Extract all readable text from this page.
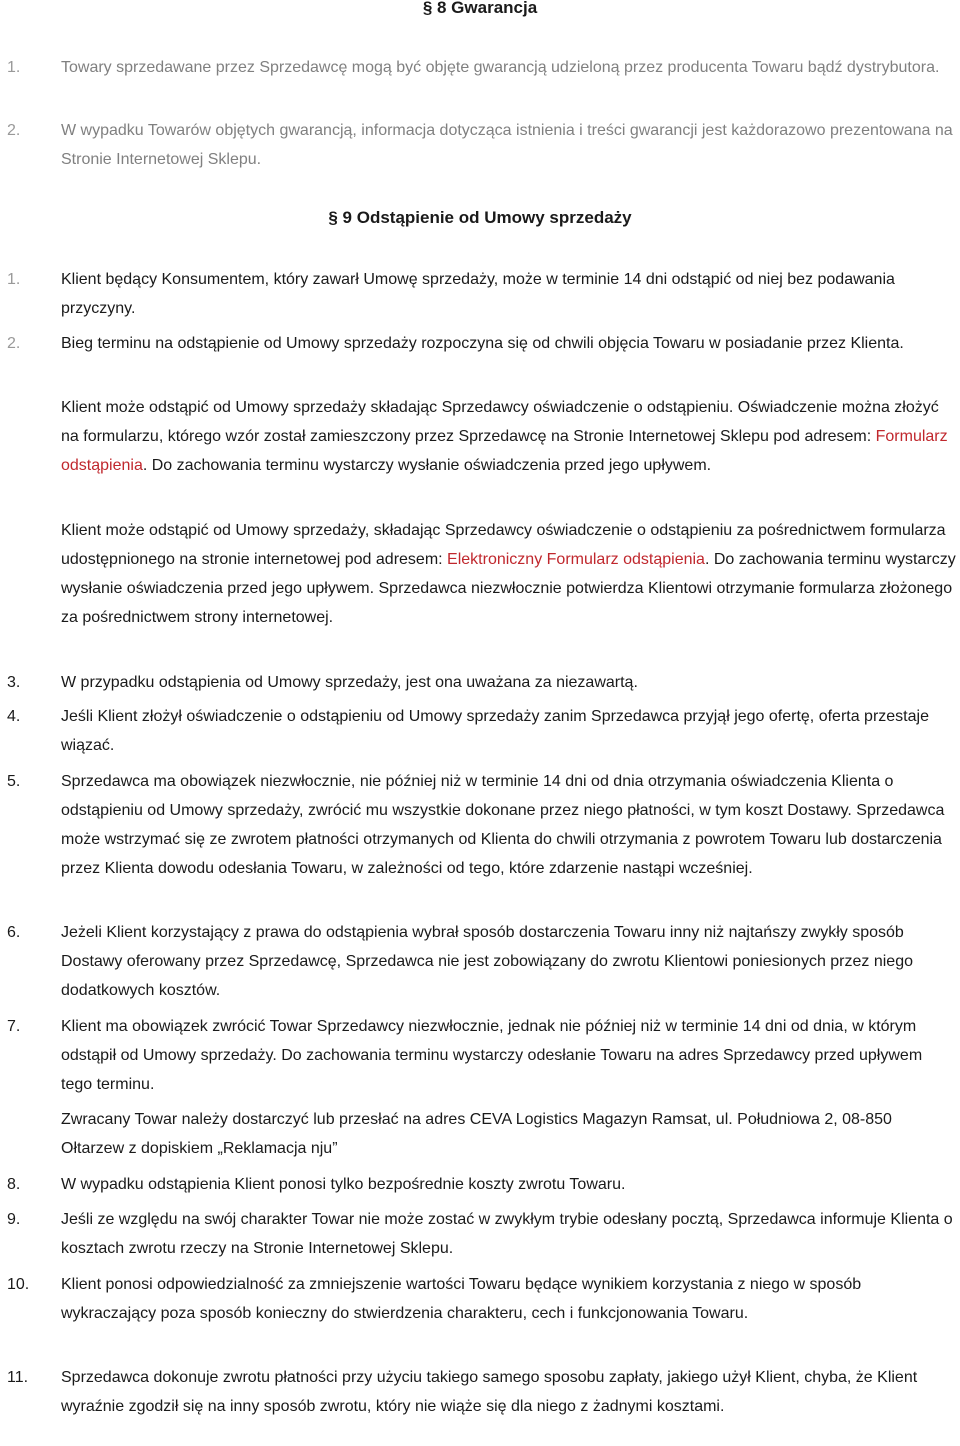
§ 8 Gwarancja
1.	Towary sprzedawane przez Sprzedawcę mogą być objęte gwarancją udzieloną przez producenta Towaru bądź dystrybutora.
2.	W wypadku Towarów objętych gwarancją, informacja dotycząca istnienia i treści gwarancji jest każdorazowo prezentowana na Stronie Internetowej Sklepu.
§ 9 Odstąpienie od Umowy sprzedaży
1.	Klient będący Konsumentem, który zawarł Umowę sprzedaży, może w terminie 14 dni odstąpić od niej bez podawania przyczyny.
2.	Bieg terminu na odstąpienie od Umowy sprzedaży rozpoczyna się od chwili objęcia Towaru w posiadanie przez Klienta.
Klient może odstąpić od Umowy sprzedaży składając Sprzedawcy oświadczenie o odstąpieniu. Oświadczenie można złożyć na formularzu, którego wzór został zamieszczony przez Sprzedawcę na Stronie Internetowej Sklepu pod adresem: Formularz odstąpienia. Do zachowania terminu wystarczy wysłanie oświadczenia przed jego upływem.
Klient może odstąpić od Umowy sprzedaży, składając Sprzedawcy oświadczenie o odstąpieniu za pośrednictwem formularza udostępnionego na stronie internetowej pod adresem: Elektroniczny Formularz odstąpienia. Do zachowania terminu wystarczy wysłanie oświadczenia przed jego upływem. Sprzedawca niezwłocznie potwierdza Klientowi otrzymanie formularza złożonego za pośrednictwem strony internetowej.
3.	W przypadku odstąpienia od Umowy sprzedaży, jest ona uważana za niezawartą.
4.	Jeśli Klient złożył oświadczenie o odstąpieniu od Umowy sprzedaży zanim Sprzedawca przyjął jego ofertę, oferta przestaje wiązać.
5.	Sprzedawca ma obowiązek niezwłocznie, nie później niż w terminie 14 dni od dnia otrzymania oświadczenia Klienta o odstąpieniu od Umowy sprzedaży, zwrócić mu wszystkie dokonane przez niego płatności, w tym koszt Dostawy. Sprzedawca może wstrzymać się ze zwrotem płatności otrzymanych od Klienta do chwili otrzymania z powrotem Towaru lub dostarczenia przez Klienta dowodu odesłania Towaru, w zależności od tego, które zdarzenie nastąpi wcześniej.
6.	Jeżeli Klient korzystający z prawa do odstąpienia wybrał sposób dostarczenia Towaru inny niż najtańszy zwykły sposób Dostawy oferowany przez Sprzedawcę, Sprzedawca nie jest zobowiązany do zwrotu Klientowi poniesionych przez niego dodatkowych kosztów.
7.	Klient ma obowiązek zwrócić Towar Sprzedawcy niezwłocznie, jednak nie później niż w terminie 14 dni od dnia, w którym odstąpił od Umowy sprzedaży. Do zachowania terminu wystarczy odesłanie Towaru na adres Sprzedawcy przed upływem tego terminu.
Zwracany Towar należy dostarczyć lub przesłać na adres CEVA Logistics Magazyn Ramsat, ul. Południowa 2, 08-850 Ołtarzew z dopiskiem „Reklamacja nju”
8.	W wypadku odstąpienia Klient ponosi tylko bezpośrednie koszty zwrotu Towaru.
9.	Jeśli ze względu na swój charakter Towar nie może zostać w zwykłym trybie odesłany pocztą, Sprzedawca informuje Klienta o kosztach zwrotu rzeczy na Stronie Internetowej Sklepu.
10.	Klient ponosi odpowiedzialność za zmniejszenie wartości Towaru będące wynikiem korzystania z niego w sposób wykraczający poza sposób konieczny do stwierdzenia charakteru, cech i funkcjonowania Towaru.
11.	Sprzedawca dokonuje zwrotu płatności przy użyciu takiego samego sposobu zapłaty, jakiego użył Klient, chyba, że Klient wyraźnie zgodził się na inny sposób zwrotu, który nie wiąże się dla niego z żadnymi kosztami.
